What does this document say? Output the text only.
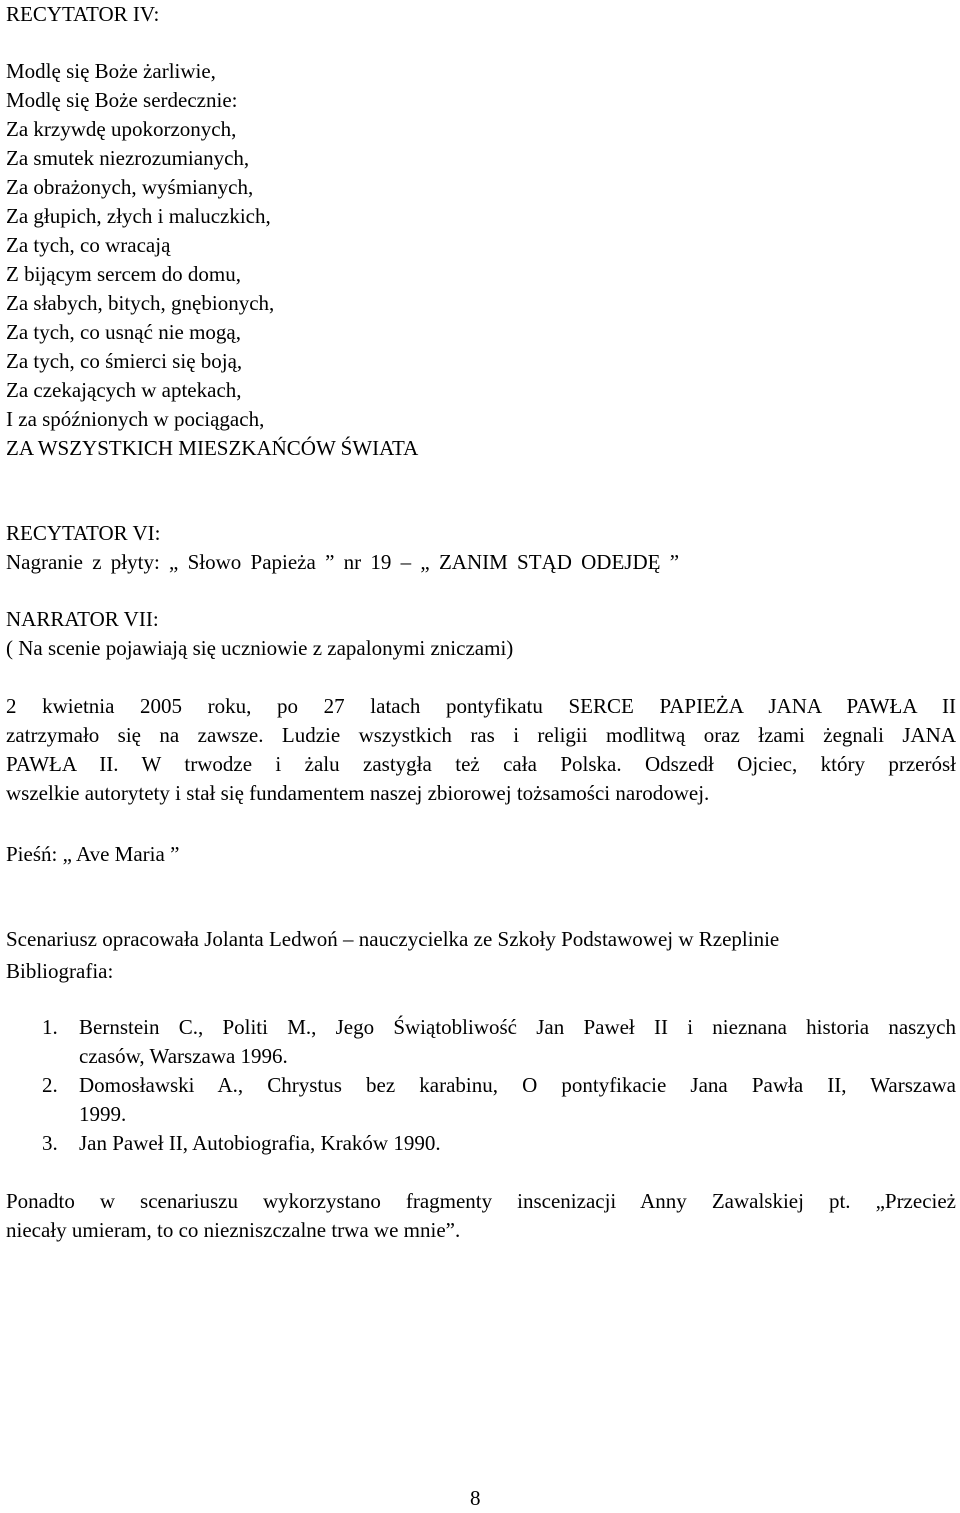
RECYTATOR IV:
Modlę się Boże żarliwie,
Modlę się Boże serdecznie:
Za krzywdę upokorzonych,
Za smutek niezrozumianych,
Za obrażonych, wyśmianych,
Za głupich, złych i maluczkich,
Za tych, co wracają
Z bijącym sercem do domu,
Za słabych, bitych, gnębionych,
Za tych, co usnąć nie mogą,
Za tych, co śmierci się boją,
Za czekających w aptekach,
I za spóźnionych w pociągach,
ZA WSZYSTKICH MIESZKAŃCÓW ŚWIATA
RECYTATOR VI:
Nagranie z płyty: „ Słowo Papieża ” nr 19 – „ ZANIM STĄD ODEJDĘ ”
NARRATOR VII:
( Na scenie pojawiają się uczniowie z zapalonymi zniczami)
2 kwietnia 2005 roku, po 27 latach pontyfikatu SERCE PAPIEŻA JANA PAWŁA II
zatrzymało się na zawsze. Ludzie wszystkich ras i religii modlitwą oraz łzami żegnali JANA
PAWŁA II. W trwodze i żalu zastygła też cała Polska. Odszedł Ojciec, który przerósł
wszelkie autorytety i stał się fundamentem naszej zbiorowej tożsamości narodowej.
Pieśń: „ Ave Maria ”
Scenariusz opracowała Jolanta Ledwoń – nauczycielka ze Szkoły Podstawowej w Rzeplinie
Bibliografia:
1. Bernstein C., Politi M., Jego Świątobliwość Jan Paweł II i nieznana historia naszych
czasów, Warszawa 1996.
2. Domosławski A., Chrystus bez karabinu, O pontyfikacie Jana Pawła II, Warszawa
1999.
3. Jan Paweł II, Autobiografia, Kraków 1990.
Ponadto w scenariuszu wykorzystano fragmenty inscenizacji Anny Zawalskiej pt. „Przecież
niecały umieram, to co niezniszczalne trwa we mnie”.
8
